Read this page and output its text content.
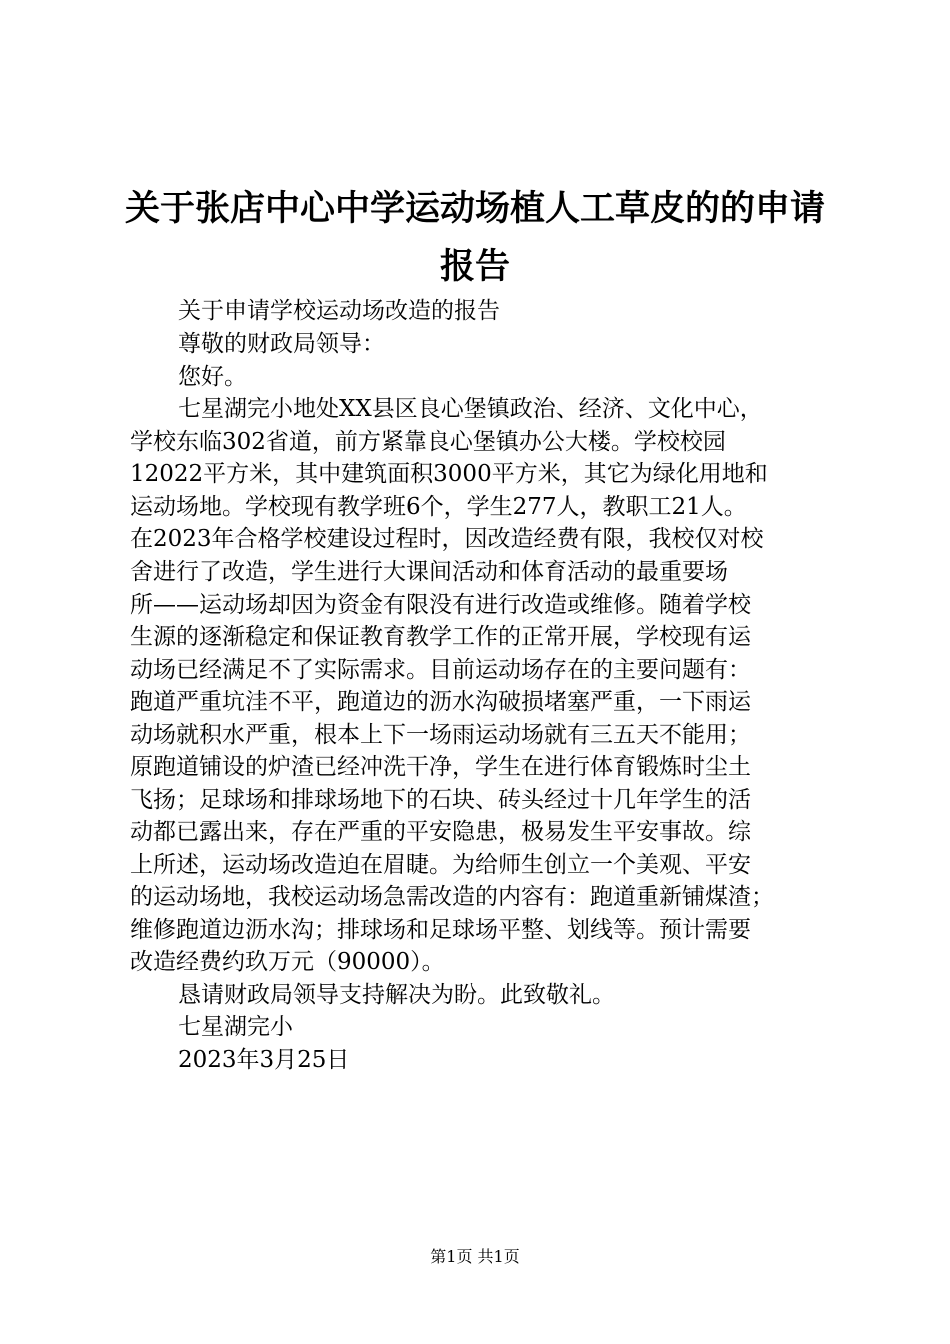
关于张店中心中学运动场植人工草皮的的申请
报告

关于申请学校运动场改造的报告

尊敬的财政局领导：

您好。

七星湖完小地处XX县区良心堡镇政治、经济、文化中心，

学校东临302省道，前方紧靠良心堡镇办公大楼。学校校园

12022平方米，其中建筑面积3000平方米，其它为绿化用地和

运动场地。学校现有教学班6个，学生277人，教职工21人。

在2023年合格学校建设过程时，因改造经费有限，我校仅对校

舍进行了改造，学生进行大课间活动和体育活动的最重要场

所——运动场却因为资金有限没有进行改造或维修。随着学校

生源的逐渐稳定和保证教育教学工作的正常开展，学校现有运

动场已经满足不了实际需求。目前运动场存在的主要问题有：

跑道严重坑洼不平，跑道边的沥水沟破损堵塞严重，一下雨运

动场就积水严重，根本上下一场雨运动场就有三五天不能用；

原跑道铺设的炉渣已经冲洗干净，学生在进行体育锻炼时尘土

飞扬；足球场和排球场地下的石块、砖头经过十几年学生的活

动都已露出来，存在严重的平安隐患，极易发生平安事故。综

上所述，运动场改造迫在眉睫。为给师生创立一个美观、平安

的运动场地，我校运动场急需改造的内容有：跑道重新铺煤渣；

维修跑道边沥水沟；排球场和足球场平整、划线等。预计需要

改造经费约玖万元（90000）。

恳请财政局领导支持解决为盼。此致敬礼。

七星湖完小

2023年3月25日

第1页 共1页
